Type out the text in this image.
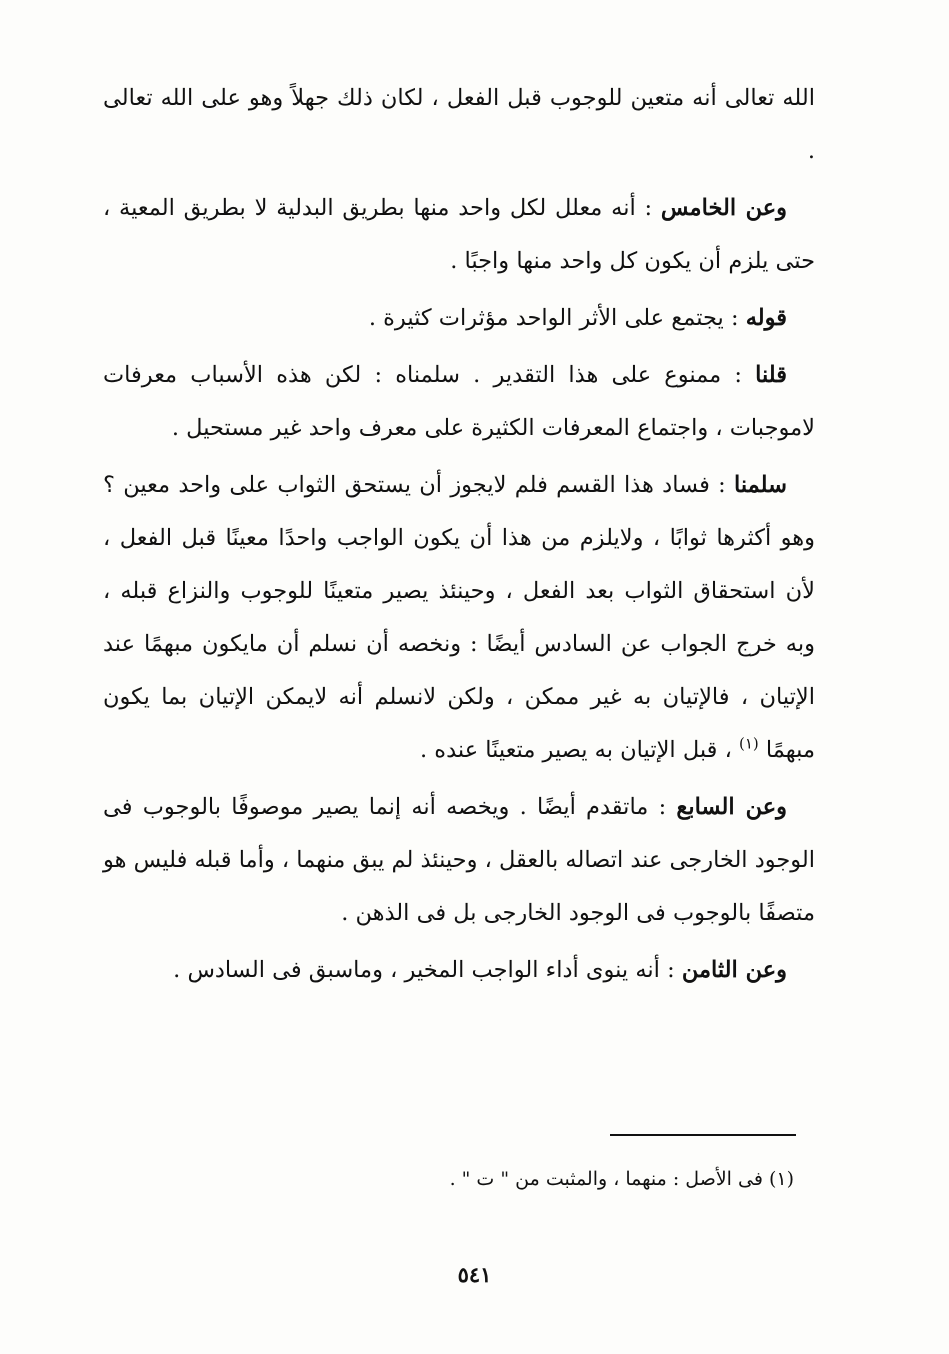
الله تعالى أنه متعين للوجوب قبل الفعل ، لكان ذلك جهلاً وهو على الله تعالى .

وعن الخامس : أنه معلل لكل واحد منها بطريق البدلية لا بطريق المعية ، حتى يلزم أن يكون كل واحد منها واجبًا .

قوله : يجتمع على الأثر الواحد مؤثرات كثيرة .

قلنا : ممنوع على هذا التقدير . سلمناه : لكن هذه الأسباب معرفات لاموجبات ، واجتماع المعرفات الكثيرة على معرف واحد غير مستحيل .

سلمنا : فساد هذا القسم فلم لايجوز أن يستحق الثواب على واحد معين ؟ وهو أكثرها ثوابًا ، ولايلزم من هذا أن يكون الواجب واحدًا معينًا قبل الفعل ، لأن استحقاق الثواب بعد الفعل ، وحينئذ يصير متعينًا للوجوب والنزاع قبله ، وبه خرج الجواب عن السادس أيضًا : ونخصه أن نسلم أن مايكون مبهمًا عند الإتيان ، فالإتيان به غير ممكن ، ولكن لانسلم أنه لايمكن الإتيان بما يكون مبهمًا $^{(١)}$ ، قبل الإتيان به يصير متعينًا عنده .

وعن السابع : ماتقدم أيضًا . ويخصه أنه إنما يصير موصوفًا بالوجوب فى الوجود الخارجى عند اتصاله بالعقل ، وحينئذ لم يبق منهما ، وأما قبله فليس هو متصفًا بالوجوب فى الوجود الخارجى بل فى الذهن .

وعن الثامن : أنه ينوى أداء الواجب المخير ، وماسبق فى السادس .

(١) فى الأصل : منهما ، والمثبت من " ت " .
٥٤١
